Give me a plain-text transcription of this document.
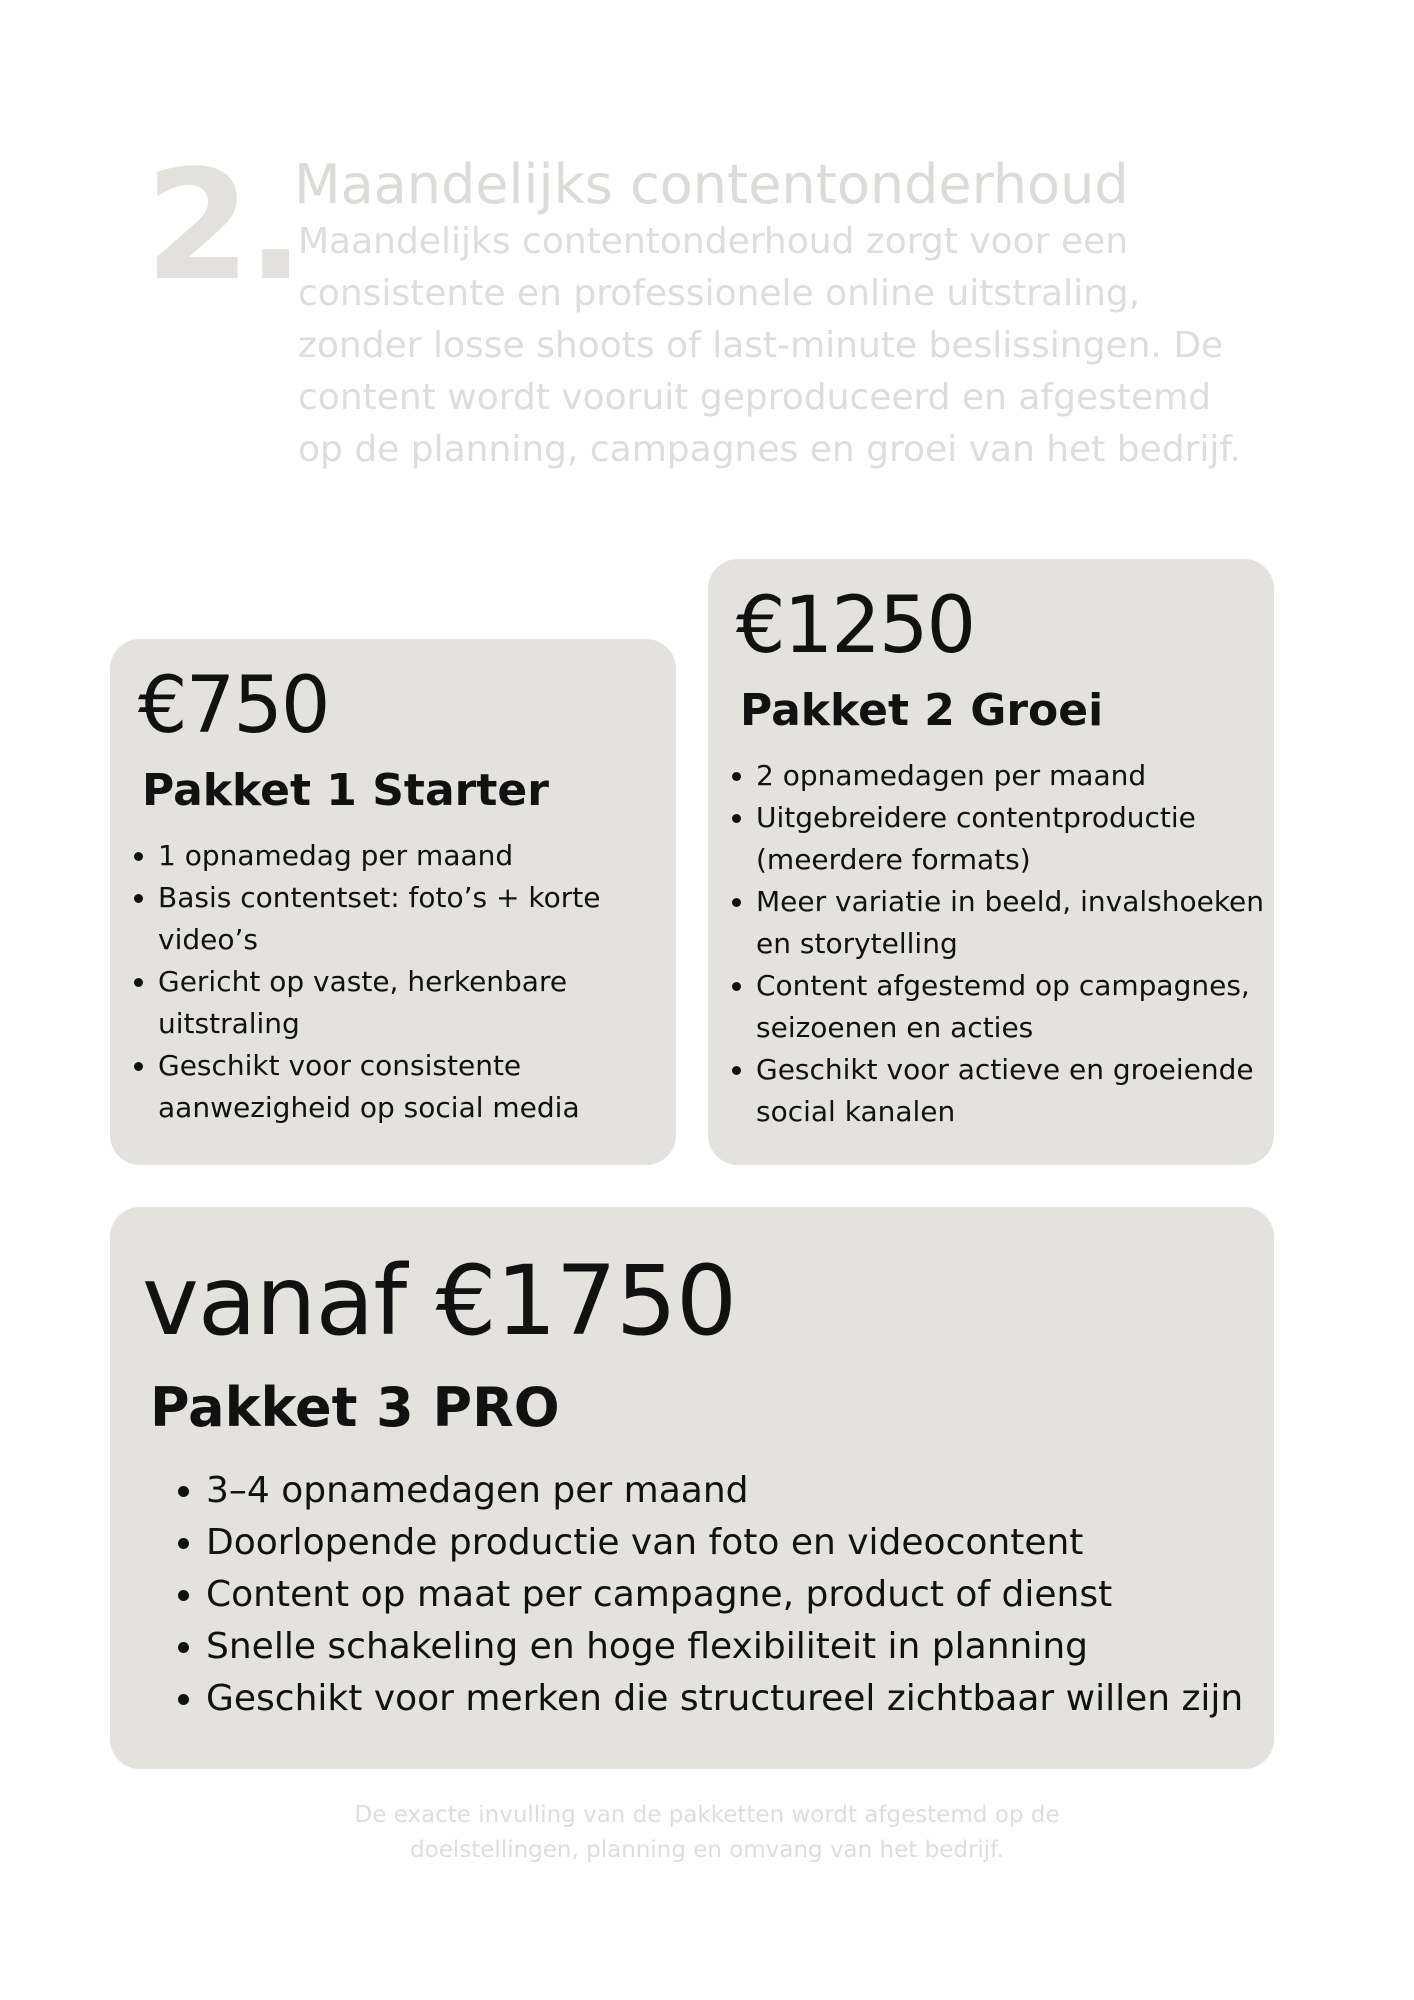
2.
Maandelijks contentonderhoud

Maandelijks contentonderhoud zorgt voor een consistente en professionele online uitstraling, zonder losse shoots of last-minute beslissingen. De content wordt vooruit geproduceerd en afgestemd op de planning, campagnes en groei van het bedrijf.

€750
Pakket 1 Starter
• 1 opnamedag per maand
• Basis contentset: foto’s + korte video’s
• Gericht op vaste, herkenbare uitstraling
• Geschikt voor consistente aanwezigheid op social media
€1250
Pakket 2 Groei
• 2 opnamedagen per maand
• Uitgebreidere contentproductie (meerdere formats)
• Meer variatie in beeld, invalshoeken en storytelling
• Content afgestemd op campagnes, seizoenen en acties
• Geschikt voor actieve en groeiende social kanalen
vanaf €1750
Pakket 3 PRO
• 3–4 opnamedagen per maand
• Doorlopende productie van foto en videocontent
• Content op maat per campagne, product of dienst
• Snelle schakeling en hoge flexibiliteit in planning
• Geschikt voor merken die structureel zichtbaar willen zijn

De exacte invulling van de pakketten wordt afgestemd op de doelstellingen, planning en omvang van het bedrijf.
